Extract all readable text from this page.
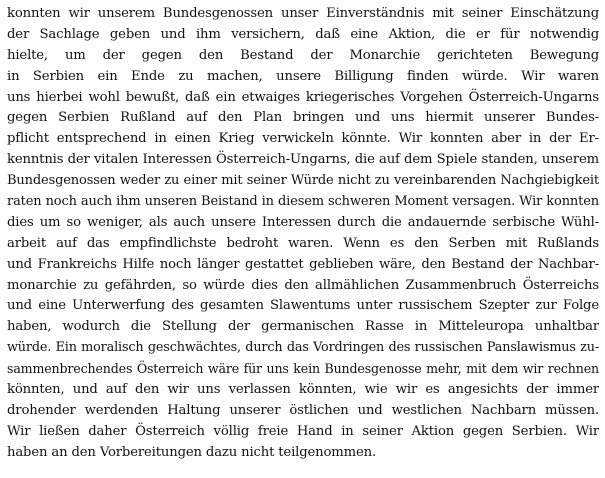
konnten wir unserem Bundesgenossen unser Einverständnis mit seiner Einschätzung
der Sachlage geben und ihm versichern, daß eine Aktion, die er für notwendig
hielte, um der gegen den Bestand der Monarchie gerichteten Bewegung
in Serbien ein Ende zu machen, unsere Billigung finden würde. Wir waren
uns hierbei wohl bewußt, daß ein etwaiges kriegerisches Vorgehen Österreich-Ungarns
gegen Serbien Rußland auf den Plan bringen und uns hiermit unserer Bundes-
pflicht entsprechend in einen Krieg verwickeln könnte. Wir konnten aber in der Er-
kenntnis der vitalen Interessen Österreich-Ungarns, die auf dem Spiele standen, unserem
Bundesgenossen weder zu einer mit seiner Würde nicht zu vereinbarenden Nachgiebigkeit
raten noch auch ihm unseren Beistand in diesem schweren Moment versagen. Wir konnten
dies um so weniger, als auch unsere Interessen durch die andauernde serbische Wühl-
arbeit auf das empfindlichste bedroht waren. Wenn es den Serben mit Rußlands
und Frankreichs Hilfe noch länger gestattet geblieben wäre, den Bestand der Nachbar-
monarchie zu gefährden, so würde dies den allmählichen Zusammenbruch Österreichs
und eine Unterwerfung des gesamten Slawentums unter russischem Szepter zur Folge
haben, wodurch die Stellung der germanischen Rasse in Mitteleuropa unhaltbar
würde. Ein moralisch geschwächtes, durch das Vordringen des russischen Panslawismus zu-
sammenbrechendes Österreich wäre für uns kein Bundesgenosse mehr, mit dem wir rechnen
könnten, und auf den wir uns verlassen könnten, wie wir es angesichts der immer
drohender werdenden Haltung unserer östlichen und westlichen Nachbarn müssen.
Wir ließen daher Österreich völlig freie Hand in seiner Aktion gegen Serbien. Wir
haben an den Vorbereitungen dazu nicht teilgenommen.
